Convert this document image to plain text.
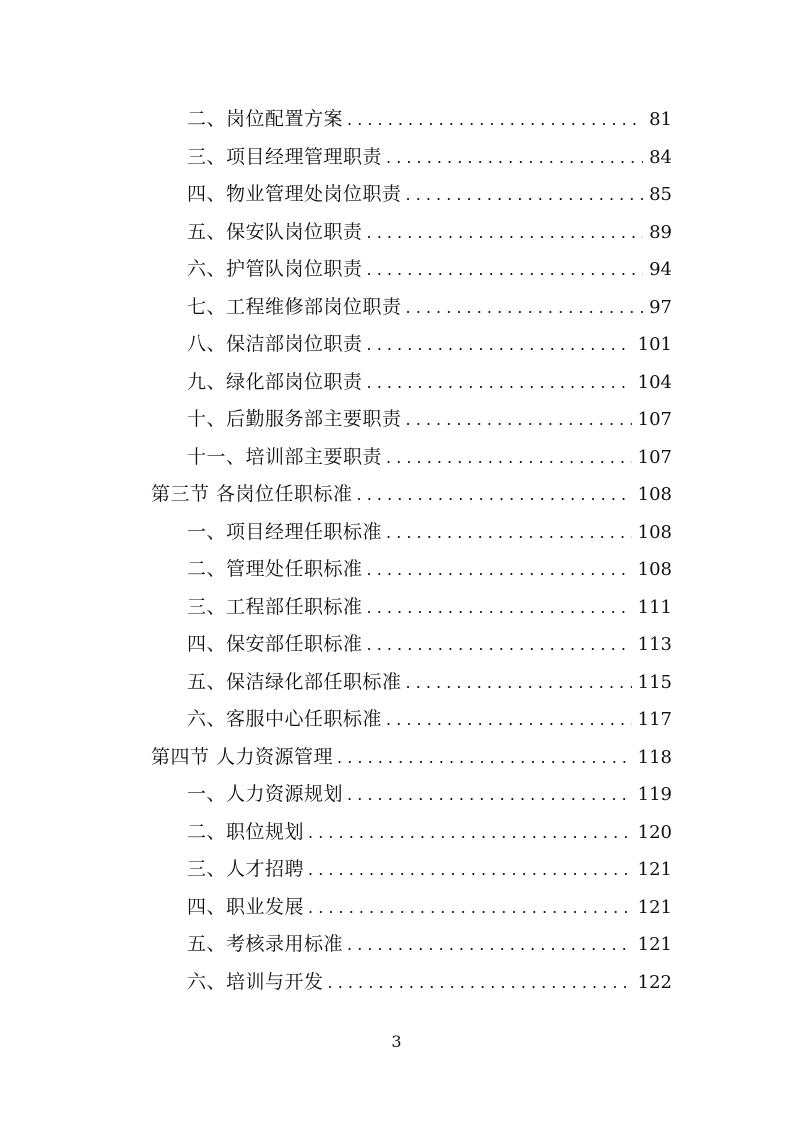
二、岗位配置方案 . . .	81
三、项目经理管理职责 . . .	84
四、物业管理处岗位职责 . . .	85
五、保安队岗位职责 . . .	89
六、护管队岗位职责 . . .	94
七、工程维修部岗位职责 . . .	97
八、保洁部岗位职责 . . .	101
九、绿化部岗位职责 . . .	104
十、后勤服务部主要职责 . . .	107
十一、培训部主要职责 . . .	107
第三节 各岗位任职标准 . . .	108
一、项目经理任职标准 . . .	108
二、管理处任职标准 . . .	108
三、工程部任职标准 . . .	111
四、保安部任职标准 . . .	113
五、保洁绿化部任职标准 . . .	115
六、客服中心任职标准 . . .	117
第四节 人力资源管理 . . .	118
一、人力资源规划 . . .	119
二、职位规划 . . .	120
三、人才招聘 . . .	121
四、职业发展 . . .	121
五、考核录用标准 . . .	121
六、培训与开发 . . .	122
3
